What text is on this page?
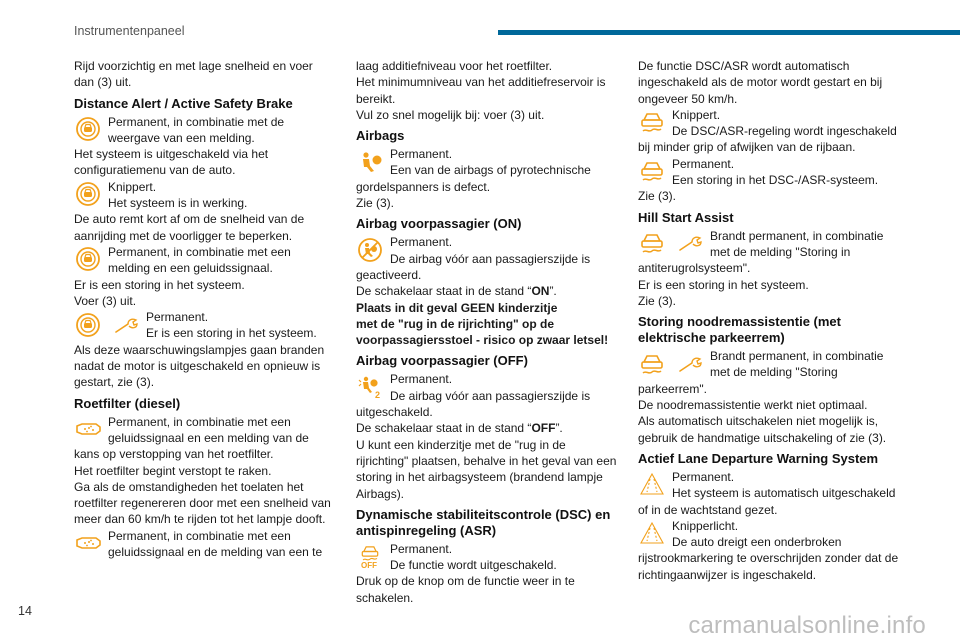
Instrumentenpaneel

Rijd voorzichtig en met lage snelheid en voer

dan (3) uit.

Distance Alert / Active Safety Brake

Permanent, in combinatie met de

weergave van een melding.

Het systeem is uitgeschakeld via het

configuratiemenu van de auto.

Knippert.

Het systeem is in werking.

De auto remt kort af om de snelheid van de

aanrijding met de voorligger te beperken.

Permanent, in combinatie met een

melding en een geluidssignaal.

Er is een storing in het systeem.

Voer (3) uit.

Permanent.

Er is een storing in het systeem.

Als deze waarschuwingslampjes gaan branden

nadat de motor is uitgeschakeld en opnieuw is

gestart, zie (3).

Roetfilter (diesel)

Permanent, in combinatie met een

geluidssignaal en een melding van de

kans op verstopping van het roetfilter.

Het roetfilter begint verstopt te raken.

Ga als de omstandigheden het toelaten het

roetfilter regenereren door met een snelheid van

meer dan 60 km/h te rijden tot het lampje dooft.

Permanent, in combinatie met een

geluidssignaal en de melding van een te

laag additiefniveau voor het roetfilter.

Het minimumniveau van het additiefreservoir is

bereikt.

Vul zo snel mogelijk bij: voer (3) uit.

Airbags

Permanent.

Een van de airbags of pyrotechnische

gordelspanners is defect.

Zie (3).

Airbag voorpassagier (ON)

Permanent.

De airbag vóór aan passagierszijde is

geactiveerd.

De schakelaar staat in de stand “ON”.

Plaats in dit geval GEEN kinderzitje

met de "rug in de rijrichting" op de

voorpassagiersstoel - risico op zwaar letsel!

Airbag voorpassagier (OFF)

Permanent.

De airbag vóór aan passagierszijde is

uitgeschakeld.

De schakelaar staat in de stand “OFF”.

U kunt een kinderzitje met de "rug in de

rijrichting" plaatsen, behalve in het geval van een

storing in het airbagsysteem (brandend lampje

Airbags).

Dynamische stabiliteitscontrole (DSC) en antispinregeling (ASR)
OFF

Permanent.

De functie wordt uitgeschakeld.

Druk op de knop om de functie weer in te

schakelen.

De functie DSC/ASR wordt automatisch

ingeschakeld als de motor wordt gestart en bij

ongeveer 50 km/h.

Knippert.

De DSC/ASR-regeling wordt ingeschakeld

bij minder grip of afwijken van de rijbaan.

Permanent.

Een storing in het DSC-/ASR-systeem.

Zie (3).

Hill Start Assist

Brandt permanent, in combinatie

met de melding "Storing in

antiterugrolsysteem".

Er is een storing in het systeem.

Zie (3).

Storing noodremassistentie (met elektrische parkeerrem)

Brandt permanent, in combinatie

met de melding "Storing

parkeerrem".

De noodremassistentie werkt niet optimaal.

Als automatisch uitschakelen niet mogelijk is,

gebruik de handmatige uitschakeling of zie (3).

Actief Lane Departure Warning System

Permanent.

Het systeem is automatisch uitgeschakeld

of in de wachtstand gezet.

Knipperlicht.

De auto dreigt een onderbroken

rijstrookmarkering te overschrijden zonder dat de

richtingaanwijzer is ingeschakeld.

14
carmanualsonline.info
